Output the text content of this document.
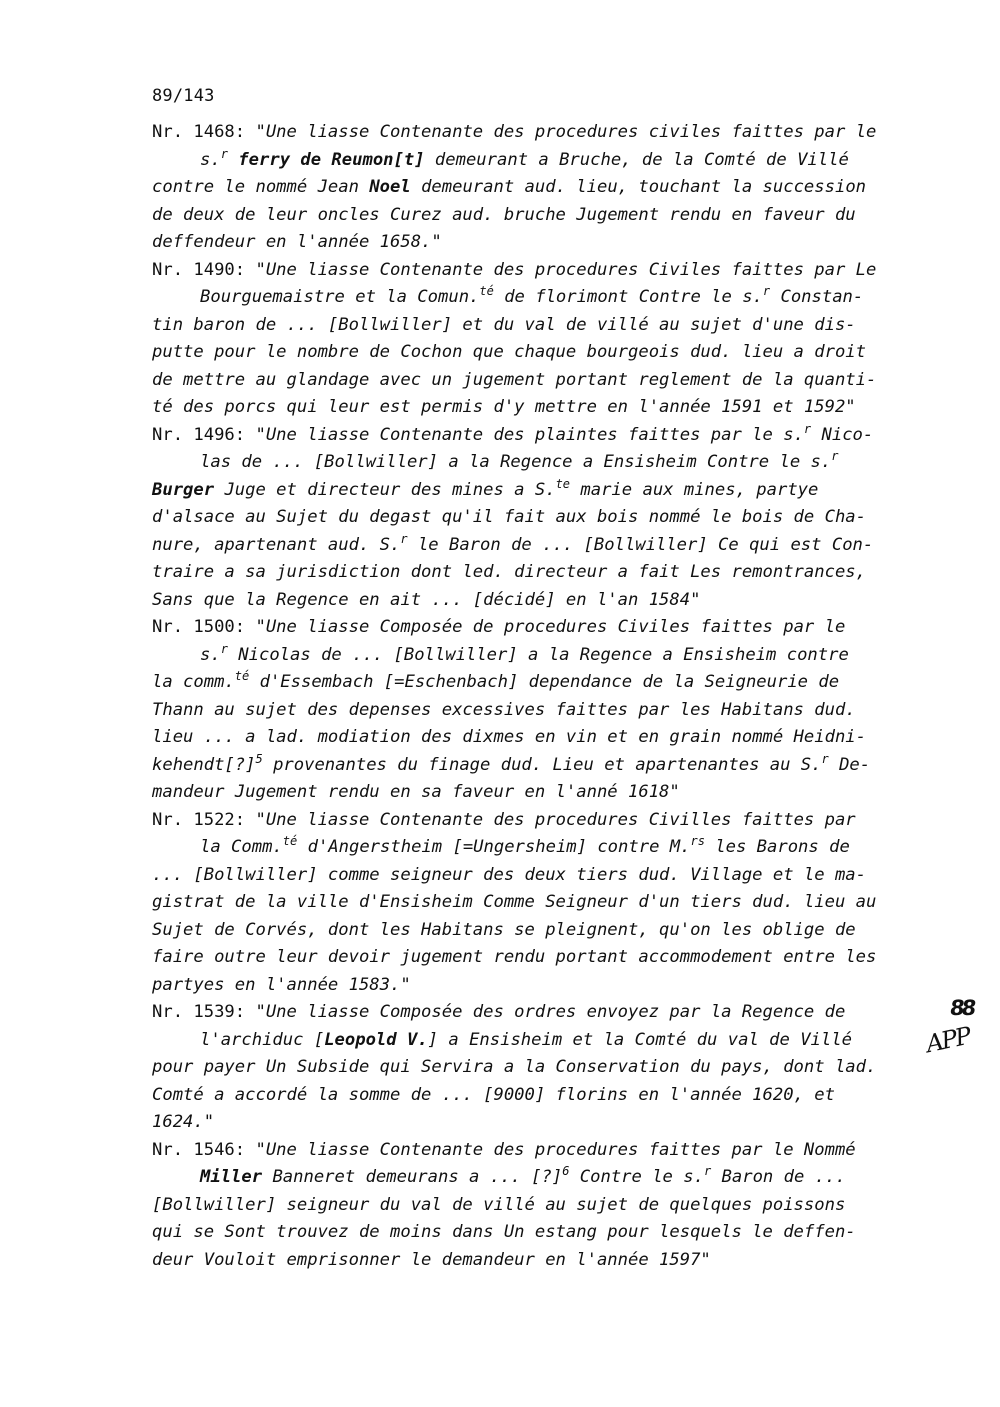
89/143
Nr. 1468: "Une liasse Contenante des procedures civiles faittes par le
s.$^r$ ferry de Reumon[t] demeurant a Bruche, de la Comté de Villé
contre le nommé Jean Noel demeurant aud. lieu, touchant la succession
de deux de leur oncles Curez aud. bruche Jugement rendu en faveur du
deffendeur en l'année 1658."
Nr. 1490: "Une liasse Contenante des procedures Civiles faittes par Le
Bourguemaistre et la Comun.$^{té}$ de florimont Contre le s.$^r$ Constan-
tin baron de ... [Bollwiller] et du val de villé au sujet d'une dis-
putte pour le nombre de Cochon que chaque bourgeois dud. lieu a droit
de mettre au glandage avec un jugement portant reglement de la quanti-
té des porcs qui leur est permis d'y mettre en l'année 1591 et 1592"
Nr. 1496: "Une liasse Contenante des plaintes faittes par le s.$^r$ Nico-
las de ... [Bollwiller] a la Regence a Ensisheim Contre le s.$^r$
Burger Juge et directeur des mines a S.$^{te}$ marie aux mines, partye
d'alsace au Sujet du degast qu'il fait aux bois nommé le bois de Cha-
nure, apartenant aud. S.$^r$ le Baron de ... [Bollwiller] Ce qui est Con-
traire a sa jurisdiction dont led. directeur a fait Les remontrances,
Sans que la Regence en ait ... [décidé] en l'an 1584"
Nr. 1500: "Une liasse Composée de procedures Civiles faittes par le
s.$^r$ Nicolas de ... [Bollwiller] a la Regence a Ensisheim contre
la comm.$^{té}$ d'Essembach [=Eschenbach] dependance de la Seigneurie de
Thann au sujet des depenses excessives faittes par les Habitans dud.
lieu ... a lad. modiation des dixmes en vin et en grain nommé Heidni-
kehendt[?]$^5$ provenantes du finage dud. Lieu et apartenantes au S.$^r$ De-
mandeur Jugement rendu en sa faveur en l'anné 1618"
Nr. 1522: "Une liasse Contenante des procedures Civilles faittes par
la Comm.$^{té}$ d'Angerstheim [=Ungersheim] contre M.$^{rs}$ les Barons de
... [Bollwiller] comme seigneur des deux tiers dud. Village et le ma-
gistrat de la ville d'Ensisheim Comme Seigneur d'un tiers dud. lieu au
Sujet de Corvés, dont les Habitans se pleignent, qu'on les oblige de
faire outre leur devoir jugement rendu portant accommodement entre les
partyes en l'année 1583."
Nr. 1539: "Une liasse Composée des ordres envoyez par la Regence de
l'archiduc [Leopold V.] a Ensisheim et la Comté du val de Villé
pour payer Un Subside qui Servira a la Conservation du pays, dont lad.
Comté a accordé la somme de ... [9000] florins en l'année 1620, et
1624."
Nr. 1546: "Une liasse Contenante des procedures faittes par le Nommé
Miller Banneret demeurans a ... [?]$^6$ Contre le s.$^r$ Baron de ...
[Bollwiller] seigneur du val de villé au sujet de quelques poissons
qui se Sont trouvez de moins dans Un estang pour lesquels le deffen-
deur Vouloit emprisonner le demandeur en l'année 1597"
88
APP
